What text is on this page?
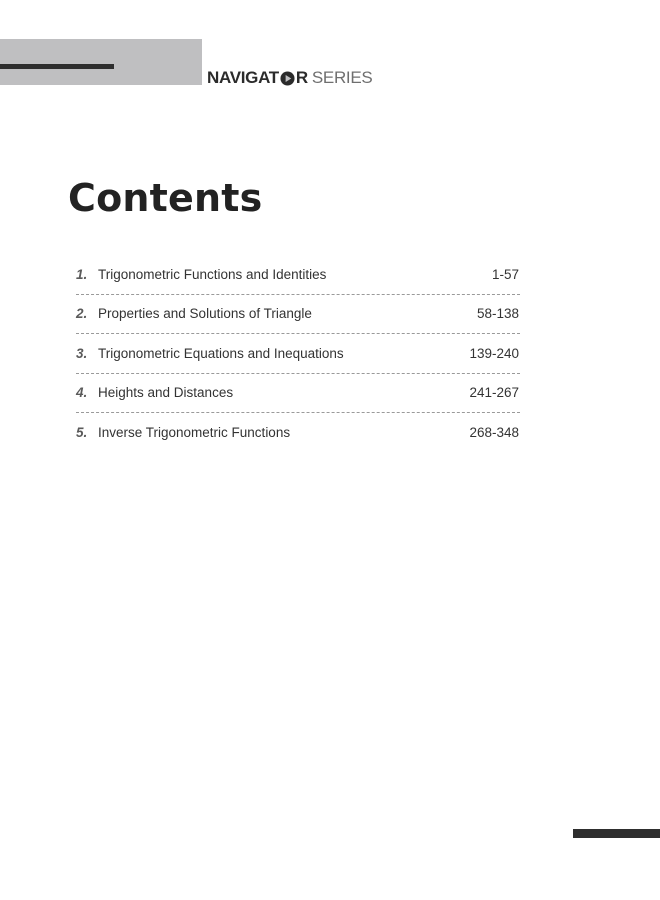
NAVIGAT R SERIES
Contents
1. Trigonometric Functions and Identities	1-57
2. Properties and Solutions of Triangle	58-138
3. Trigonometric Equations and Inequations	139-240
4. Heights and Distances	241-267
5. Inverse Trigonometric Functions	268-348
